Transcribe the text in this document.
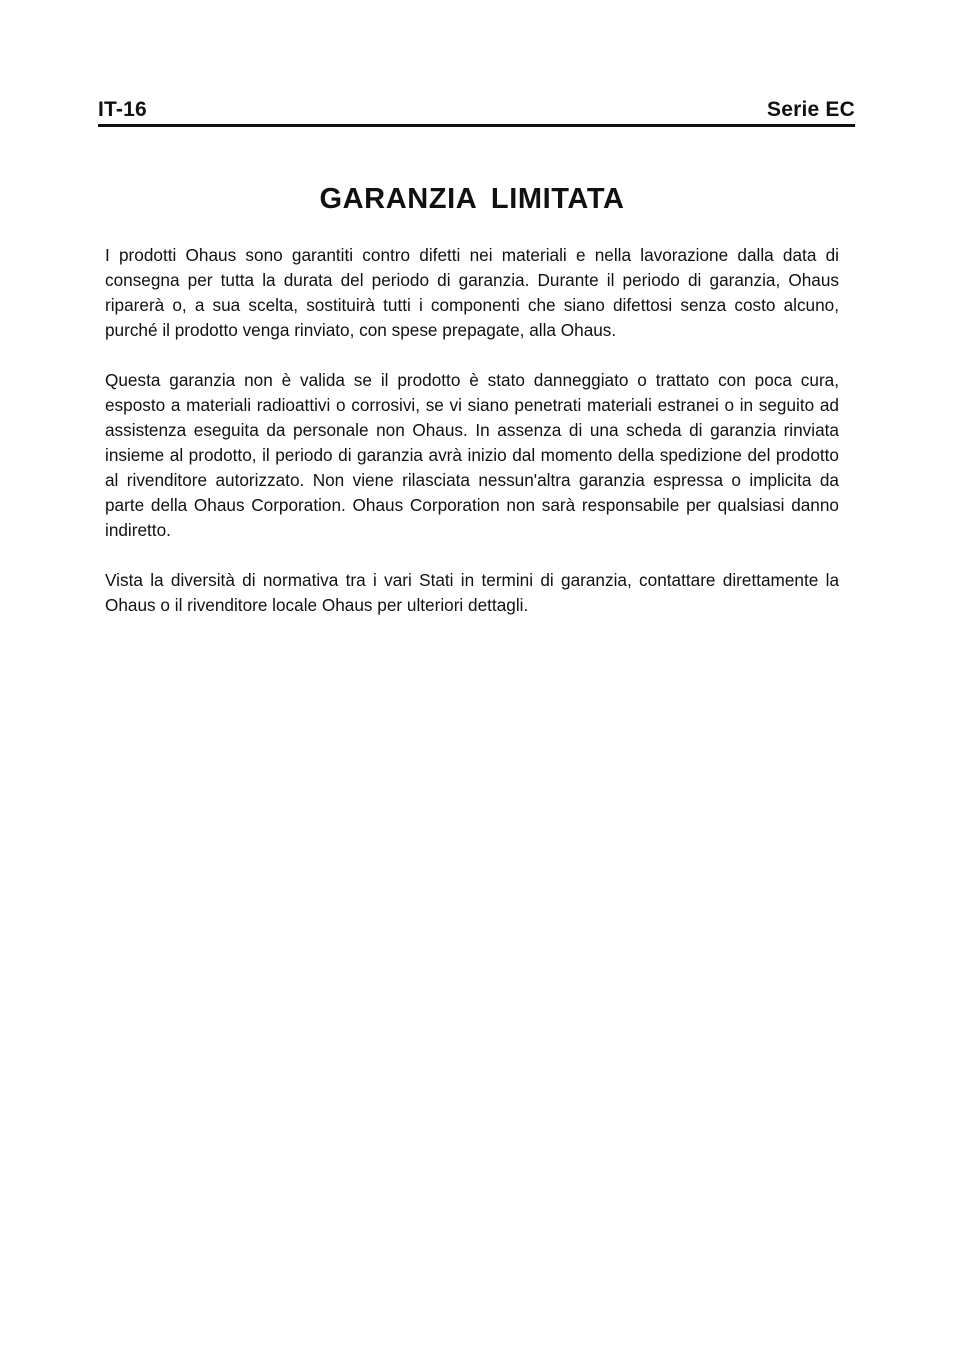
IT-16	Serie EC
GARANZIA LIMITATA

I prodotti Ohaus sono garantiti contro difetti nei materiali e nella lavorazione dalla data di consegna per tutta la durata del periodo di garanzia. Durante il periodo di garanzia, Ohaus riparerà o, a sua scelta, sostituirà tutti i componenti che siano difettosi senza costo alcuno, purché il prodotto venga rinviato, con spese prepagate, alla Ohaus.

Questa garanzia non è valida se il prodotto è stato danneggiato o trattato con poca cura, esposto a materiali radioattivi o corrosivi, se vi siano penetrati materiali estranei o in seguito ad assistenza eseguita da personale non Ohaus. In assenza di una scheda di garanzia rinviata insieme al prodotto, il periodo di garanzia avrà inizio dal momento della spedizione del prodotto al rivenditore autorizzato. Non viene rilasciata nessun'altra garanzia espressa o implicita da parte della Ohaus Corporation. Ohaus Corporation non sarà responsabile per qualsiasi danno indiretto.

Vista la diversità di normativa tra i vari Stati in termini di garanzia, contattare direttamente la Ohaus o il rivenditore locale Ohaus per ulteriori dettagli.
